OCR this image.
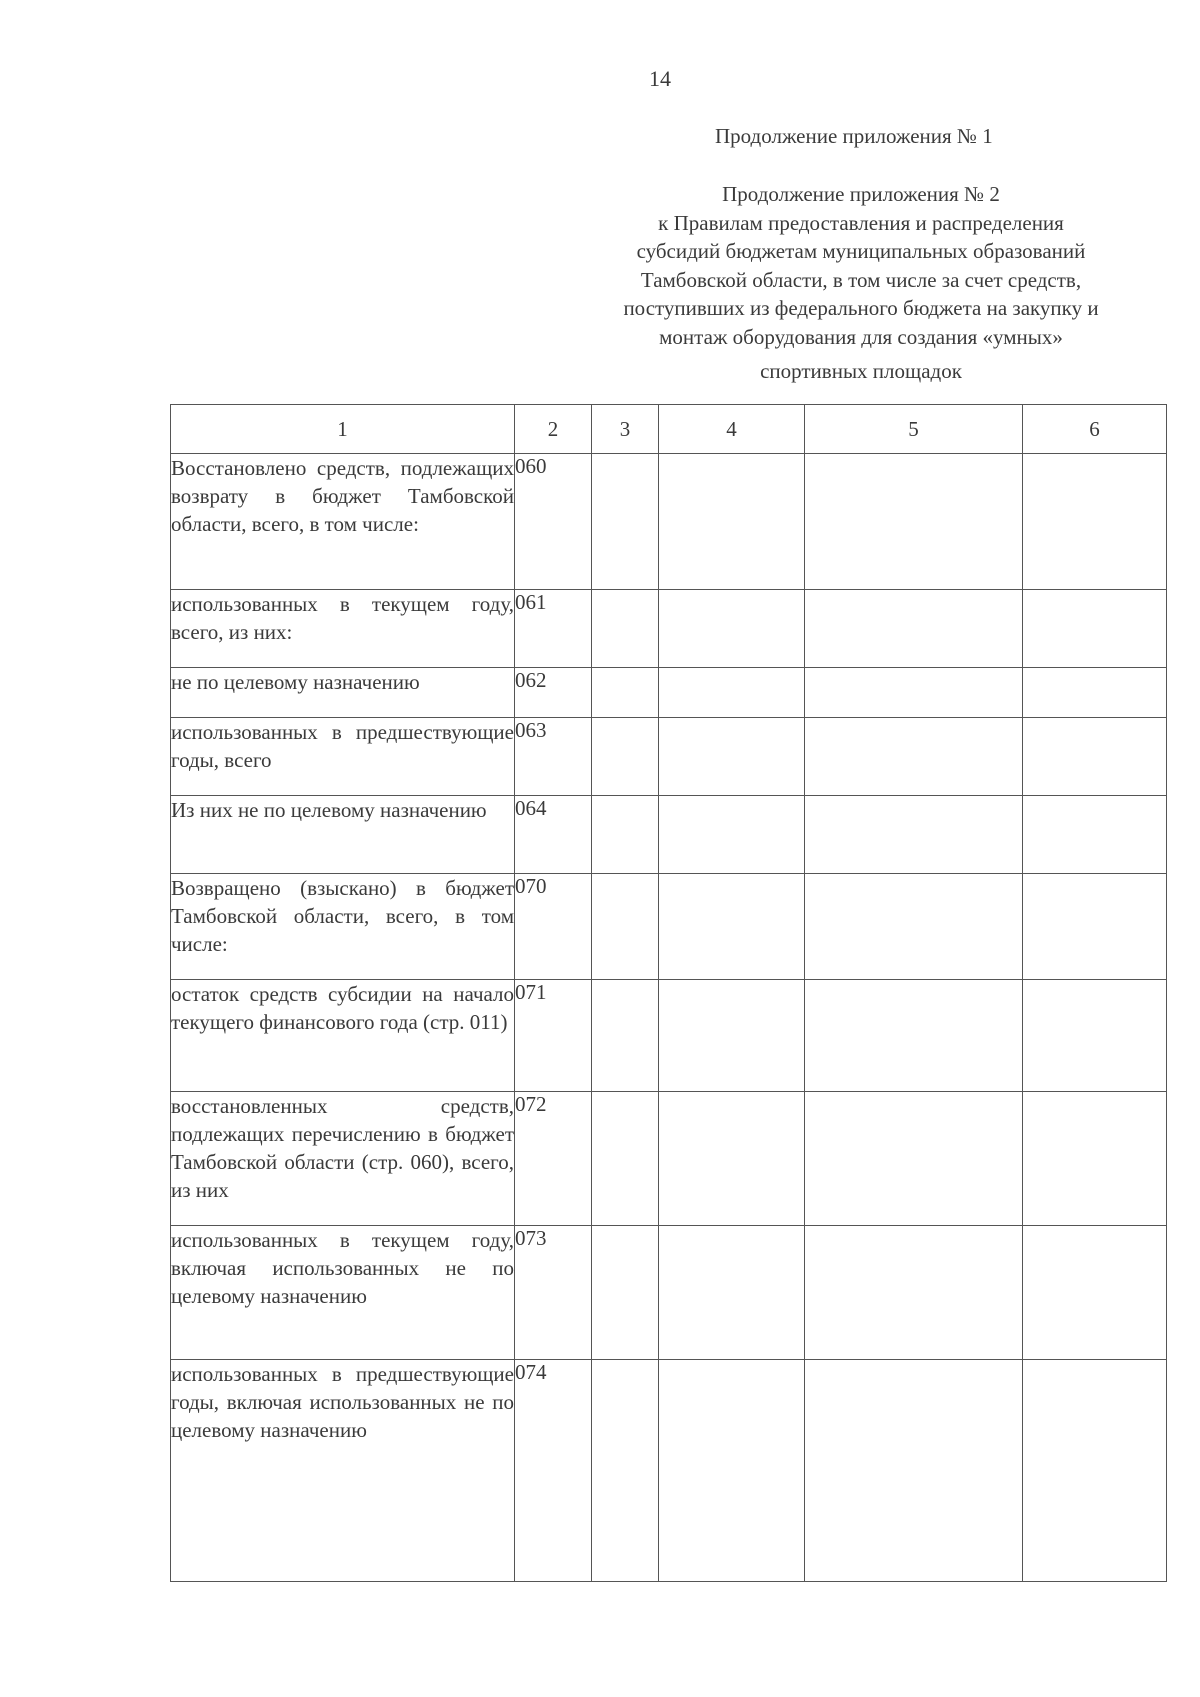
14
Продолжение приложения № 1
Продолжение приложения № 2
к Правилам предоставления и распределения
субсидий бюджетам муниципальных образований
Тамбовской области, в том числе за счет средств,
поступивших из федерального бюджета на закупку и
монтаж оборудования для создания «умных»
спортивных площадок
1	2	3	4	5	6
Восстановлено средств, подлежащих возврату в бюджет Тамбовской области, всего, в том числе:	060				
использованных в текущем году, всего, из них:	061				
не по целевому назначению	062				
использованных в предшествующие годы, всего	063				
Из них не по целевому назначению	064				
Возвращено (взыскано) в бюджет Тамбовской области, всего, в том числе:	070				
остаток средств субсидии на начало текущего финансового года (стр. 011)	071				
восстановленных средств, подлежащих перечислению в бюджет Тамбовской области (стр. 060), всего, из них	072				
использованных в текущем году, включая использованных не по целевому назначению	073				
использованных в предшествующие годы, включая использованных не по целевому назначению	074				
